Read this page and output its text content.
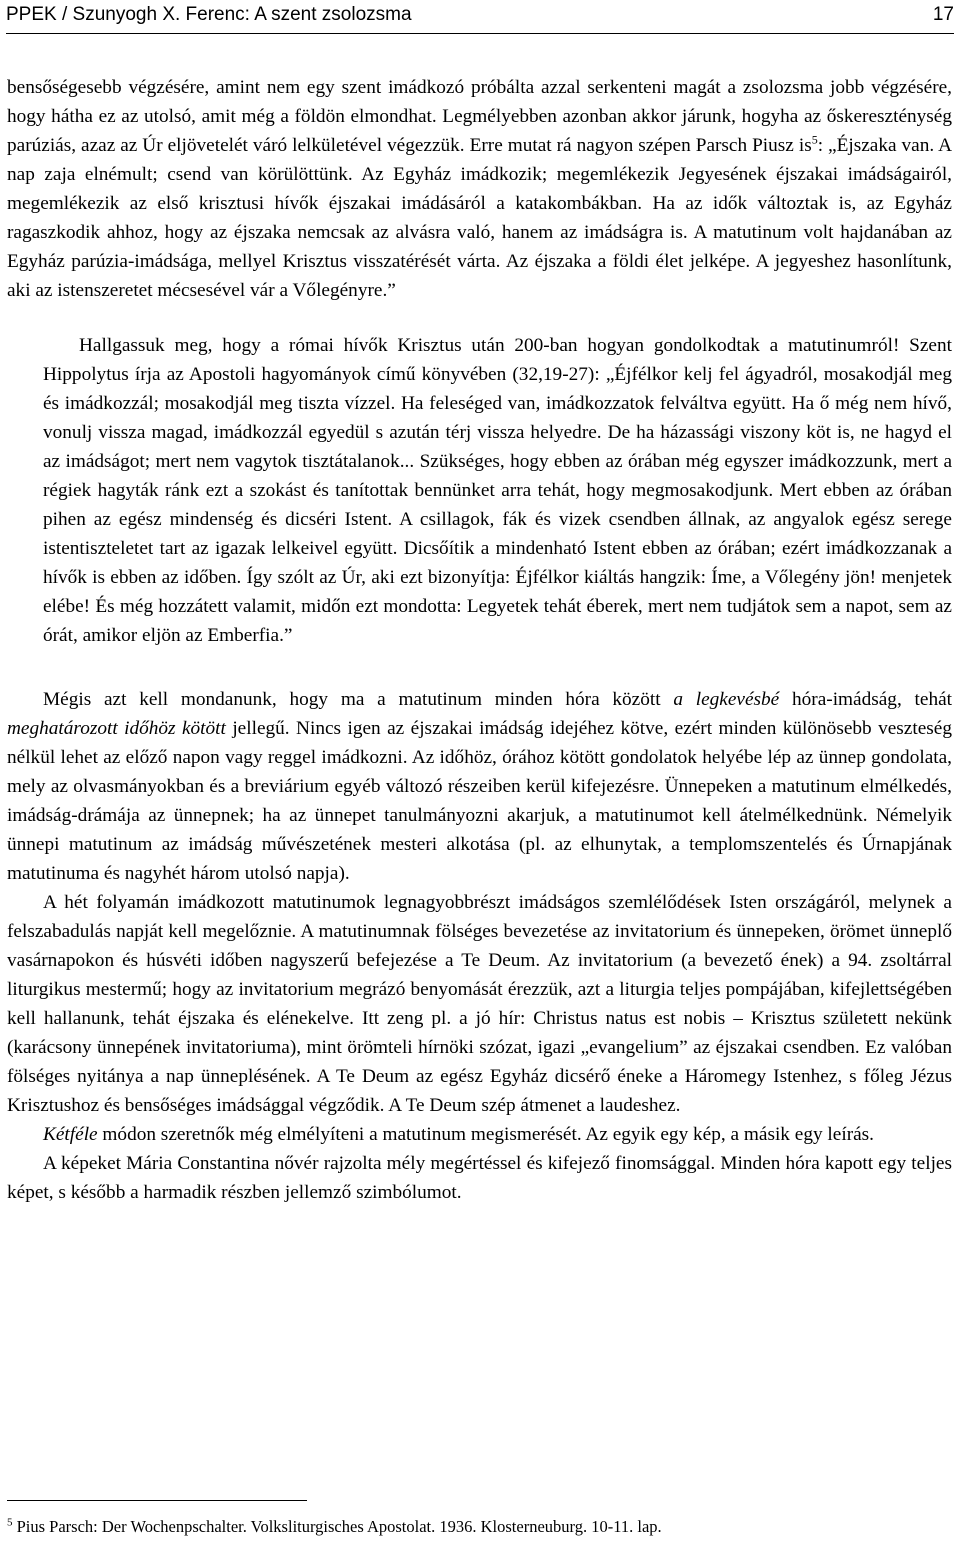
PPEK / Szunyogh X. Ferenc: A szent zsolozsma	17

bensőségesebb végzésére, amint nem egy szent imádkozó próbálta azzal serkenteni magát a zsolozsma jobb végzésére, hogy hátha ez az utolsó, amit még a földön elmondhat. Legmélyebben azonban akkor járunk, hogyha az őskereszténység parúziás, azaz az Úr eljövetelét váró lelkületével végezzük. Erre mutat rá nagyon szépen Parsch Piusz $is^5$: „Éjszaka van. A nap zaja elnémult; csend van körülöttünk. Az Egyház imádkozik; megemlékezik Jegyesének éjszakai imádságairól, megemlékezik az első krisztusi hívők éjszakai imádásáról a katakombákban. Ha az idők változtak is, az Egyház ragaszkodik ahhoz, hogy az éjszaka nemcsak az alvásra való, hanem az imádságra is. A matutinum volt hajdanában az Egyház parúzia-imádsága, mellyel Krisztus visszatérését várta. Az éjszaka a földi élet jelképe. A jegyeshez hasonlítunk, aki az istenszeretet mécsesével vár a Vőlegényre.”

Hallgassuk meg, hogy a római hívők Krisztus után 200-ban hogyan gondolkodtak a matutinumról! Szent Hippolytus írja az Apostoli hagyományok című könyvében (32,19-27): „Éjfélkor kelj fel ágyadról, mosakodjál meg és imádkozzál; mosakodjál meg tiszta vízzel. Ha feleséged van, imádkozzatok felváltva együtt. Ha ő még nem hívő, vonulj vissza magad, imádkozzál egyedül s azután térj vissza helyedre. De ha házassági viszony köt is, ne hagyd el az imádságot; mert nem vagytok tisztátalanok... Szükséges, hogy ebben az órában még egyszer imádkozzunk, mert a régiek hagyták ránk ezt a szokást és tanítottak bennünket arra tehát, hogy megmosakodjunk. Mert ebben az órában pihen az egész mindenség és dicséri Istent. A csillagok, fák és vizek csendben állnak, az angyalok egész serege istentiszteletet tart az igazak lelkeivel együtt. Dicsőítik a mindenható Istent ebben az órában; ezért imádkozzanak a hívők is ebben az időben. Így szólt az Úr, aki ezt bizonyítja: Éjfélkor kiáltás hangzik: Íme, a Vőlegény jön! menjetek elébe! És még hozzátett valamit, midőn ezt mondotta: Legyetek tehát éberek, mert nem tudjátok sem a napot, sem az órát, amikor eljön az Emberfia.”

Mégis azt kell mondanunk, hogy ma a matutinum minden hóra között a legkevésbé hóra-imádság, tehát meghatározott időhöz kötött jellegű. Nincs igen az éjszakai imádság idejéhez kötve, ezért minden különösebb veszteség nélkül lehet az előző napon vagy reggel imádkozni. Az időhöz, órához kötött gondolatok helyébe lép az ünnep gondolata, mely az olvasmányokban és a breviárium egyéb változó részeiben kerül kifejezésre. Ünnepeken a matutinum elmélkedés, imádság-drámája az ünnepnek; ha az ünnepet tanulmányozni akarjuk, a matutinumot kell átelmélkednünk. Némelyik ünnepi matutinum az imádság művészetének mesteri alkotása (pl. az elhunytak, a templomszentelés és Úrnapjának matutinuma és nagyhét három utolsó napja).

A hét folyamán imádkozott matutinumok legnagyobbrészt imádságos szemlélődések Isten országáról, melynek a felszabadulás napját kell megelőznie. A matutinumnak fölséges bevezetése az invitatorium és ünnepeken, örömet ünneplő vasárnapokon és húsvéti időben nagyszerű befejezése a Te Deum. Az invitatorium (a bevezető ének) a 94. zsoltárral liturgikus mestermű; hogy az invitatorium megrázó benyomását érezzük, azt a liturgia teljes pompájában, kifejlettségében kell hallanunk, tehát éjszaka és elénekelve. Itt zeng pl. a jó hír: Christus natus est nobis – Krisztus született nekünk (karácsony ünnepének invitatoriuma), mint örömteli hírnöki szózat, igazi „evangelium” az éjszakai csendben. Ez valóban fölséges nyitánya a nap ünneplésének. A Te Deum az egész Egyház dicsérő éneke a Háromegy Istenhez, s főleg Jézus Krisztushoz és bensőséges imádsággal végződik. A Te Deum szép átmenet a laudeshez.

Kétféle módon szeretnők még elmélyíteni a matutinum megismerését. Az egyik egy kép, a másik egy leírás.

A képeket Mária Constantina nővér rajzolta mély megértéssel és kifejező finomsággal. Minden hóra kapott egy teljes képet, s később a harmadik részben jellemző szimbólumot.

$^5$ Pius Parsch: Der Wochenpschalter. Volksliturgisches Apostolat. 1936. Klosterneuburg. 10-11. lap.
